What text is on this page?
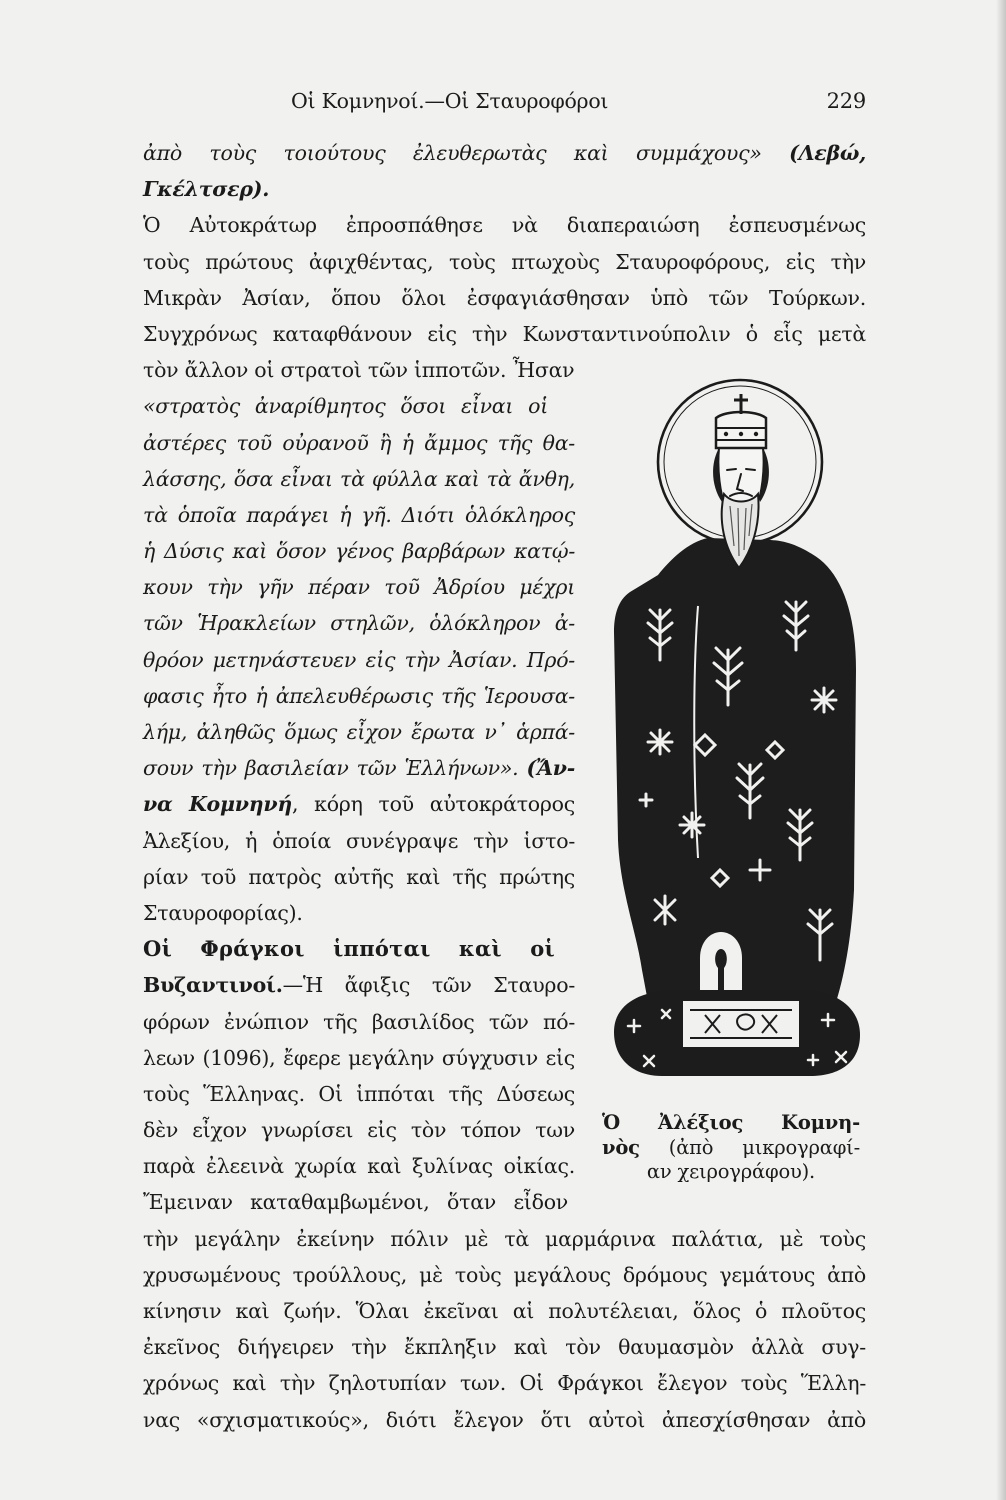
Οἱ Κομνηνοί.—Οἱ Σταυροφόροι	229
ἀπὸ τοὺς τοιούτους ἐλευθερωτὰς καὶ συμμάχους» (Λεβώ,
Γκέλτσερ).
Ὁ Αὐτοκράτωρ ἐπροσπάθησε νὰ διαπεραιώση ἐσπευσμένως
τοὺς πρώτους ἀφιχθέντας, τοὺς πτωχοὺς Σταυροφόρους, εἰς τὴν
Μικρὰν Ἀσίαν, ὅπου ὅλοι ἐσφαγιάσθησαν ὑπὸ τῶν Τούρκων.
Συγχρόνως καταφθάνουν εἰς τὴν Κωνσταντινούπολιν ὁ εἷς μετὰ
τὸν ἄλλον οἱ στρατοὶ τῶν ἱπποτῶν. Ἦσαν
«στρατὸς ἀναρίθμητος ὅσοι εἶναι οἱ
ἀστέρες τοῦ οὐρανοῦ ἢ ἡ ἄμμος τῆς θα-
λάσσης, ὅσα εἶναι τὰ φύλλα καὶ τὰ ἄνθη,
τὰ ὁποῖα παράγει ἡ γῆ. Διότι ὁλόκληρος
ἡ Δύσις καὶ ὅσον γένος βαρβάρων κατῴ-
κουν τὴν γῆν πέραν τοῦ Ἀδρίου μέχρι
τῶν Ἡρακλείων στηλῶν, ὁλόκληρον ἀ-
θρόον μετηνάστευεν εἰς τὴν Ἀσίαν. Πρό-
φασις ἦτο ἡ ἀπελευθέρωσις τῆς Ἱερουσα-
λήμ, ἀληθῶς ὅμως εἶχον ἔρωτα ν᾿ ἁρπά-
σουν τὴν βασιλείαν τῶν Ἑλλήνων». (Ἄν-
να Κομνηνή, κόρη τοῦ αὐτοκράτορος
Ἀλεξίου, ἡ ὁποία συνέγραψε τὴν ἱστο-
ρίαν τοῦ πατρὸς αὐτῆς καὶ τῆς πρώτης
Σταυροφορίας).
Οἱ Φράγκοι ἱππόται καὶ οἱ
Βυζαντινοί.—Ἡ ἄφιξις τῶν Σταυρο-
φόρων ἐνώπιον τῆς βασιλίδος τῶν πό-
λεων (1096), ἔφερε μεγάλην σύγχυσιν εἰς
τοὺς Ἕλληνας. Οἱ ἱππόται τῆς Δύσεως
δὲν εἶχον γνωρίσει εἰς τὸν τόπον των
παρὰ ἐλεεινὰ χωρία καὶ ξυλίνας οἰκίας.
Ἔμειναν καταθαμβωμένοι, ὅταν εἶδον
τὴν μεγάλην ἐκείνην πόλιν μὲ τὰ μαρμάρινα παλάτια, μὲ τοὺς
χρυσωμένους τρούλλους, μὲ τοὺς μεγάλους δρόμους γεμάτους ἀπὸ
κίνησιν καὶ ζωήν. Ὅλαι ἐκεῖναι αἱ πολυτέλειαι, ὅλος ὁ πλοῦτος
ἐκεῖνος διήγειρεν τὴν ἔκπληξιν καὶ τὸν θαυμασμὸν ἀλλὰ συγ-
χρόνως καὶ τὴν ζηλοτυπίαν των. Οἱ Φράγκοι ἔλεγον τοὺς Ἕλλη-
νας «σχισματικούς», διότι ἔλεγον ὅτι αὐτοὶ ἀπεσχίσθησαν ἀπὸ
Ὁ Ἀλέξιος Κομνη-
νὸς (ἀπὸ μικρογραφί-
αν χειρογράφου).
